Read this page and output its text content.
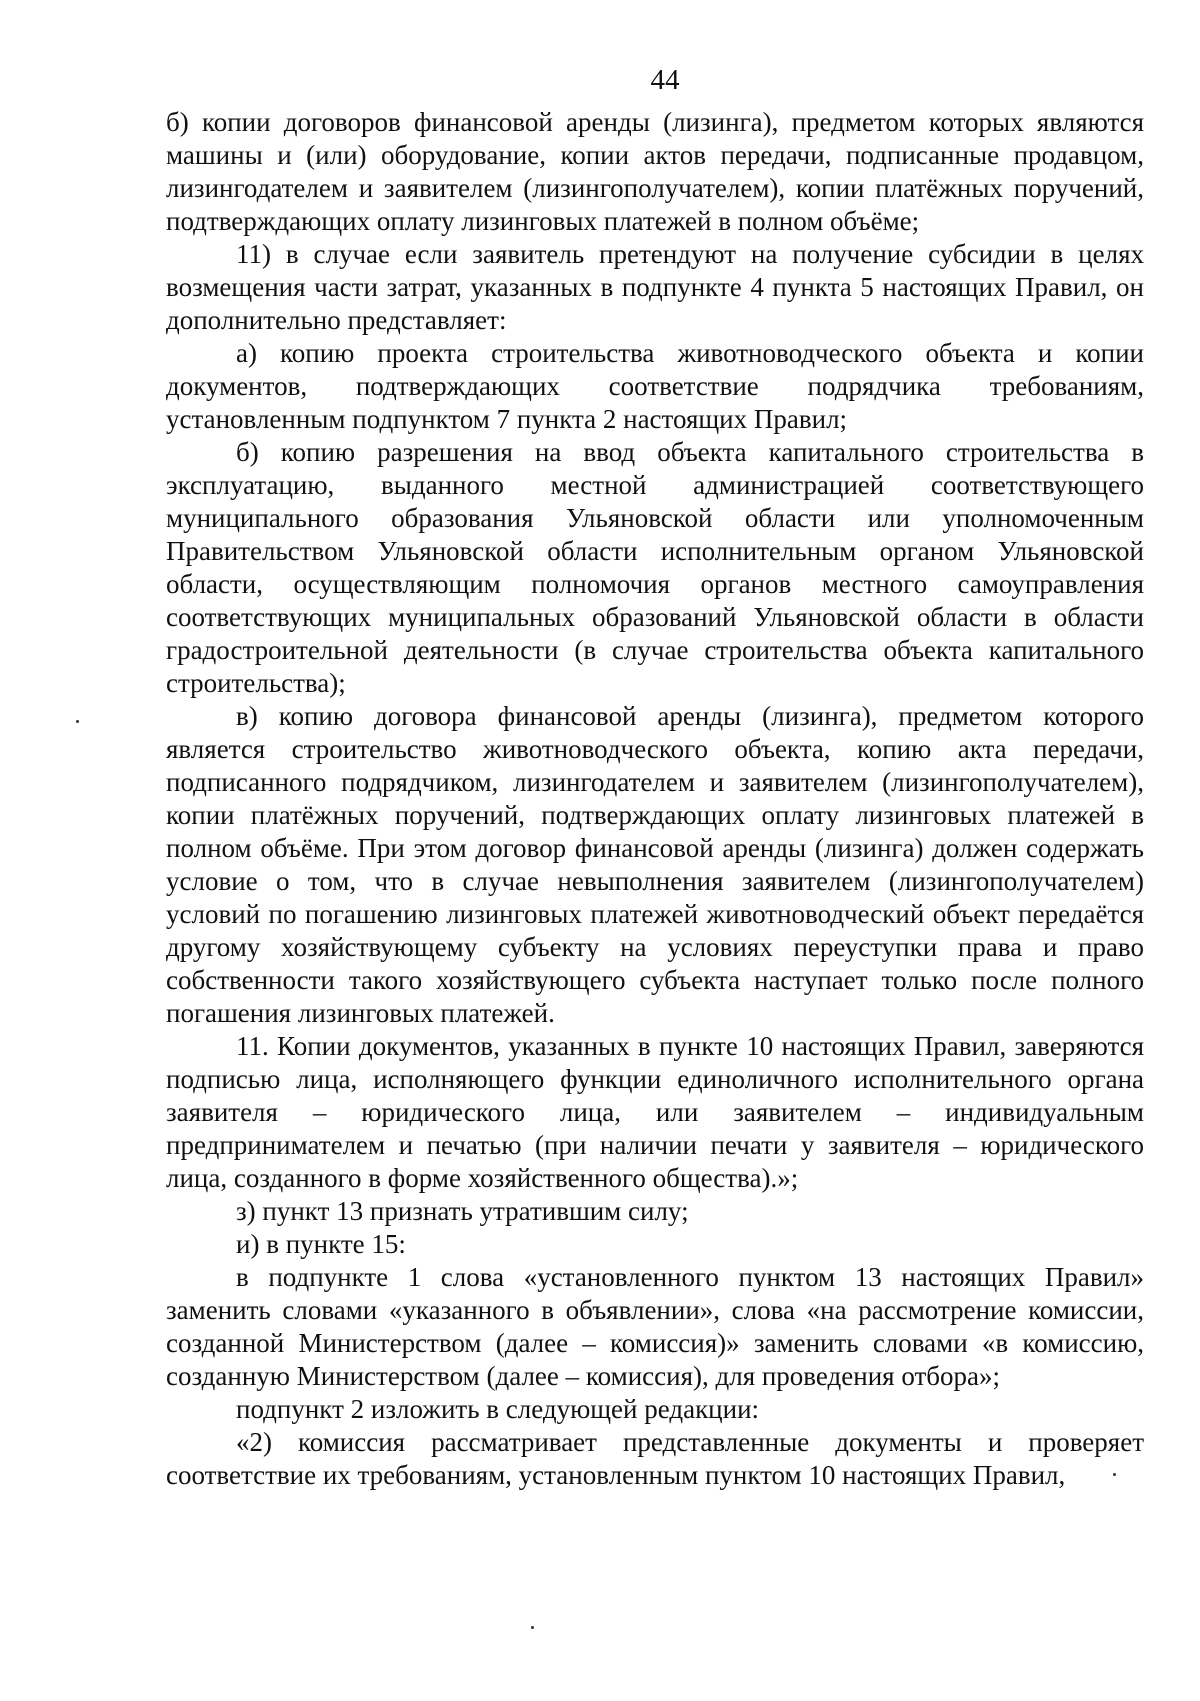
44

б) копии договоров финансовой аренды (лизинга), предметом которых являются машины и (или) оборудование, копии актов передачи, подписанные продавцом, лизингодателем и заявителем (лизингополучателем), копии платёжных поручений, подтверждающих оплату лизинговых платежей в полном объёме;

11) в случае если заявитель претендуют на получение субсидии в целях возмещения части затрат, указанных в подпункте 4 пункта 5 настоящих Правил, он дополнительно представляет:

а) копию проекта строительства животноводческого объекта и копии документов, подтверждающих соответствие подрядчика требованиям, установленным подпунктом 7 пункта 2 настоящих Правил;

б) копию разрешения на ввод объекта капитального строительства в эксплуатацию, выданного местной администрацией соответствующего муниципального образования Ульяновской области или уполномоченным Правительством Ульяновской области исполнительным органом Ульяновской области, осуществляющим полномочия органов местного самоуправления соответствующих муниципальных образований Ульяновской области в области градостроительной деятельности (в случае строительства объекта капитального строительства);

в) копию договора финансовой аренды (лизинга), предметом которого является строительство животноводческого объекта, копию акта передачи, подписанного подрядчиком, лизингодателем и заявителем (лизингополучателем), копии платёжных поручений, подтверждающих оплату лизинговых платежей в полном объёме. При этом договор финансовой аренды (лизинга) должен содержать условие о том, что в случае невыполнения заявителем (лизингополучателем) условий по погашению лизинговых платежей животноводческий объект передаётся другому хозяйствующему субъекту на условиях переуступки права и право собственности такого хозяйствующего субъекта наступает только после полного погашения лизинговых платежей.

11. Копии документов, указанных в пункте 10 настоящих Правил, заверяются подписью лица, исполняющего функции единоличного исполнительного органа заявителя – юридического лица, или заявителем – индивидуальным предпринимателем и печатью (при наличии печати у заявителя – юридического лица, созданного в форме хозяйственного общества).»;

з) пункт 13 признать утратившим силу;

и) в пункте 15:

в подпункте 1 слова «установленного пунктом 13 настоящих Правил» заменить словами «указанного в объявлении», слова «на рассмотрение комиссии, созданной Министерством (далее – комиссия)» заменить словами «в комиссию, созданную Министерством (далее – комиссия), для проведения отбора»;

подпункт 2 изложить в следующей редакции:

«2) комиссия рассматривает представленные документы и проверяет соответствие их требованиям, установленным пунктом 10 настоящих Правил,
